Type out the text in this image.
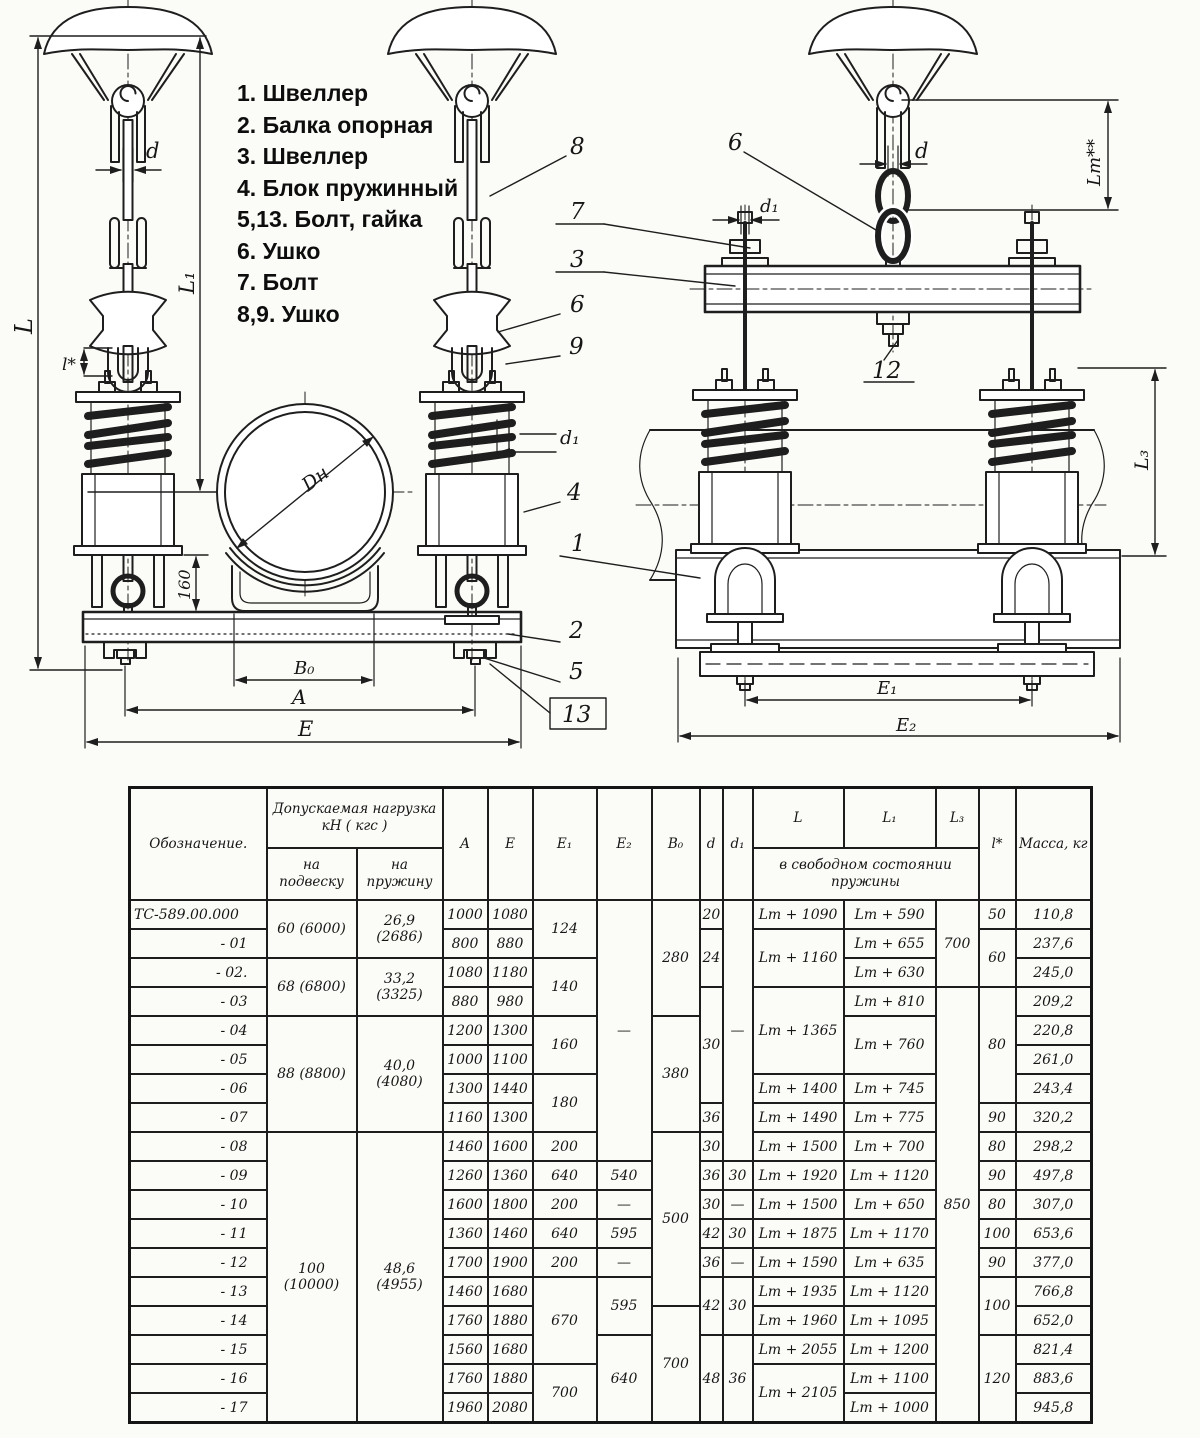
L
L₁
d
l*
160
Dн
B₀
A
E
d₁
8
7
3
6
9
4
1
2
5
13
6	d	Lт**
d₁
12
L₃
E₁
E₂
1. Швеллер
2. Балка опорная
3. Швеллер
4. Блок пружинный
5,13. Болт, гайка
6. Ушко
7. Болт
8,9. Ушко
Обозначение.	Допускаемая нагрузка кН ( кгс )		A	E	E₁	E₂	B₀	d	d₁	L	L₁	L₃	l*	Масса, кг
	на подвеску	на пружину								в свободном состоянии пружины				
ТС-589.00.000	60 (6000)	26,9 (2686)	1000	1080	124	—	280	20	—	Lт + 1090	Lт + 590	700	50	110,8
- 01			800	880				24		Lт + 1160	Lт + 655		60	237,6
- 02.	68 (6800)	33,2 (3325)	1080	1180	140						Lт + 630			245,0
- 03			880	980				30		Lт + 1365	Lт + 810	850	80	209,2
- 04	88 (8800)	40,0 (4080)	1200	1300	160		380				Lт + 760			220,8
- 05			1000	1100										261,0
- 06			1300	1440	180					Lт + 1400	Lт + 745			243,4
- 07			1160	1300				36		Lт + 1490	Lт + 775		90	320,2
- 08	100 (10000)	48,6 (4955)	1460	1600	200		500	30		Lт + 1500	Lт + 700		80	298,2
- 09			1260	1360	640	540		36	30	Lт + 1920	Lт + 1120		90	497,8
- 10			1600	1800	200	—		30	—	Lт + 1500	Lт + 650		80	307,0
- 11			1360	1460	640	595		42	30	Lт + 1875	Lт + 1170		100	653,6
- 12			1700	1900	200	—		36	—	Lт + 1590	Lт + 635		90	377,0
- 13			1460	1680	670	595		42	30	Lт + 1935	Lт + 1120		100	766,8
- 14			1760	1880			700			Lт + 1960	Lт + 1095			652,0
- 15			1560	1680		640		48	36	Lт + 2055	Lт + 1200		120	821,4
- 16			1760	1880	700					Lт + 2105	Lт + 1100			883,6
- 17			1960	2080							Lт + 1000			945,8
